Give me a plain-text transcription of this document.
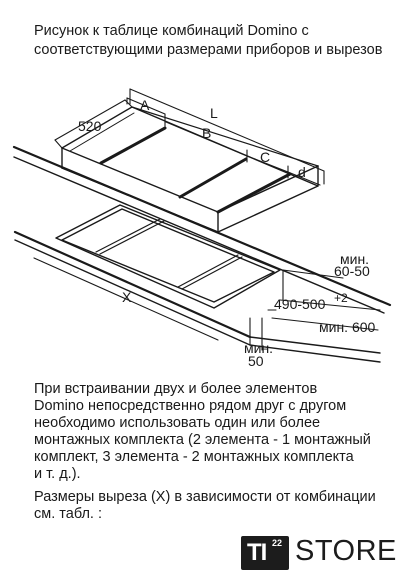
Рисунок к таблице комбинаций Domino с
соответствующими размерами приборов и вырезов
520
A	L
B
C
d
X
мин.
60-50
490-500 +2
мин. 600
мин.
50
При встраивании двух и более элементов
Domino непосредственно рядом друг с другом
необходимо использовать один или более
монтажных комплекта (2 элемента - 1 монтажный
комплект, 3 элемента - 2 монтажных комплекта
и т. д.).
Размеры выреза (X) в зависимости от комбинации
см. табл. :
TI 22 STORE
